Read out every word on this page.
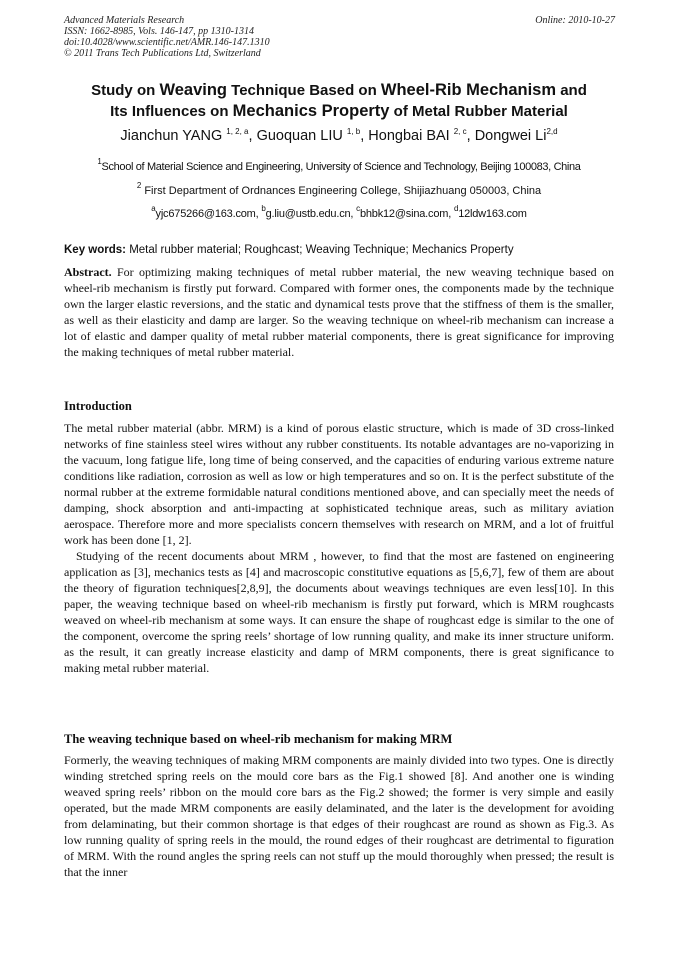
Advanced Materials Research
ISSN: 1662-8985, Vols. 146-147, pp 1310-1314
doi:10.4028/www.scientific.net/AMR.146-147.1310
© 2011 Trans Tech Publications Ltd, Switzerland
Online: 2010-10-27
Study on Weaving Technique Based on Wheel-Rib Mechanism and
Its Influences on Mechanics Property of Metal Rubber Material
Jianchun YANG $^{1, 2, a}$, Guoquan LIU $^{1, b}$, Hongbai BAI $^{2, c}$, Dongwei Li$^{2,d}$
$^1$School of Material Science and Engineering, University of Science and Technology, Beijing 100083, China
$^2$ First Department of Ordnances Engineering College, Shijiazhuang 050003, China
$^a$yjc675266@163.com, $^b$g.liu@ustb.edu.cn, $^c$bhbk12@sina.com, $^d$12ldw163.com
Key words: Metal rubber material; Roughcast; Weaving Technique; Mechanics Property

Abstract. For optimizing making techniques of metal rubber material, the new weaving technique based on wheel-rib mechanism is firstly put forward. Compared with former ones, the components made by the technique own the larger elastic reversions, and the static and dynamical tests prove that the stiffness of them is the smaller, as well as their elasticity and damp are larger. So the weaving technique on wheel-rib mechanism can increase a lot of elastic and damper quality of metal rubber material components, there is great significance for improving the making techniques of metal rubber material.

Introduction

The metal rubber material (abbr. MRM) is a kind of porous elastic structure, which is made of 3D cross-linked networks of fine stainless steel wires without any rubber constituents. Its notable advantages are no-vaporizing in the vacuum, long fatigue life, long time of being conserved, and the capacities of enduring various extreme nature conditions like radiation, corrosion as well as low or high temperatures and so on. It is the perfect substitute of the normal rubber at the extreme formidable natural conditions mentioned above, and can specially meet the needs of damping, shock absorption and anti-impacting at sophisticated technique areas, such as military aviation aerospace. Therefore more and more specialists concern themselves with research on MRM, and a lot of fruitful work has been done [1, 2].

Studying of the recent documents about MRM , however, to find that the most are fastened on engineering application as [3], mechanics tests as [4] and macroscopic constitutive equations as [5,6,7], few of them are about the theory of figuration techniques[2,8,9], the documents about weavings techniques are even less[10]. In this paper, the weaving technique based on wheel-rib mechanism is firstly put forward, which is MRM roughcasts weaved on wheel-rib mechanism at some ways. It can ensure the shape of roughcast edge is similar to the one of the component, overcome the spring reels’ shortage of low running quality, and make its inner structure uniform. as the result, it can greatly increase elasticity and damp of MRM components, there is great significance to making metal rubber material.

The weaving technique based on wheel-rib mechanism for making MRM

Formerly, the weaving techniques of making MRM components are mainly divided into two types. One is directly winding stretched spring reels on the mould core bars as the Fig.1 showed [8]. And another one is winding weaved spring reels’ ribbon on the mould core bars as the Fig.2 showed; the former is very simple and easily operated, but the made MRM components are easily delaminated, and the later is the development for avoiding from delaminating, but their common shortage is that edges of their roughcast are round as shown as Fig.3. As low running quality of spring reels in the mould, the round edges of their roughcast are detrimental to figuration of MRM. With the round angles the spring reels can not stuff up the mould thoroughly when pressed; the result is that the inner
